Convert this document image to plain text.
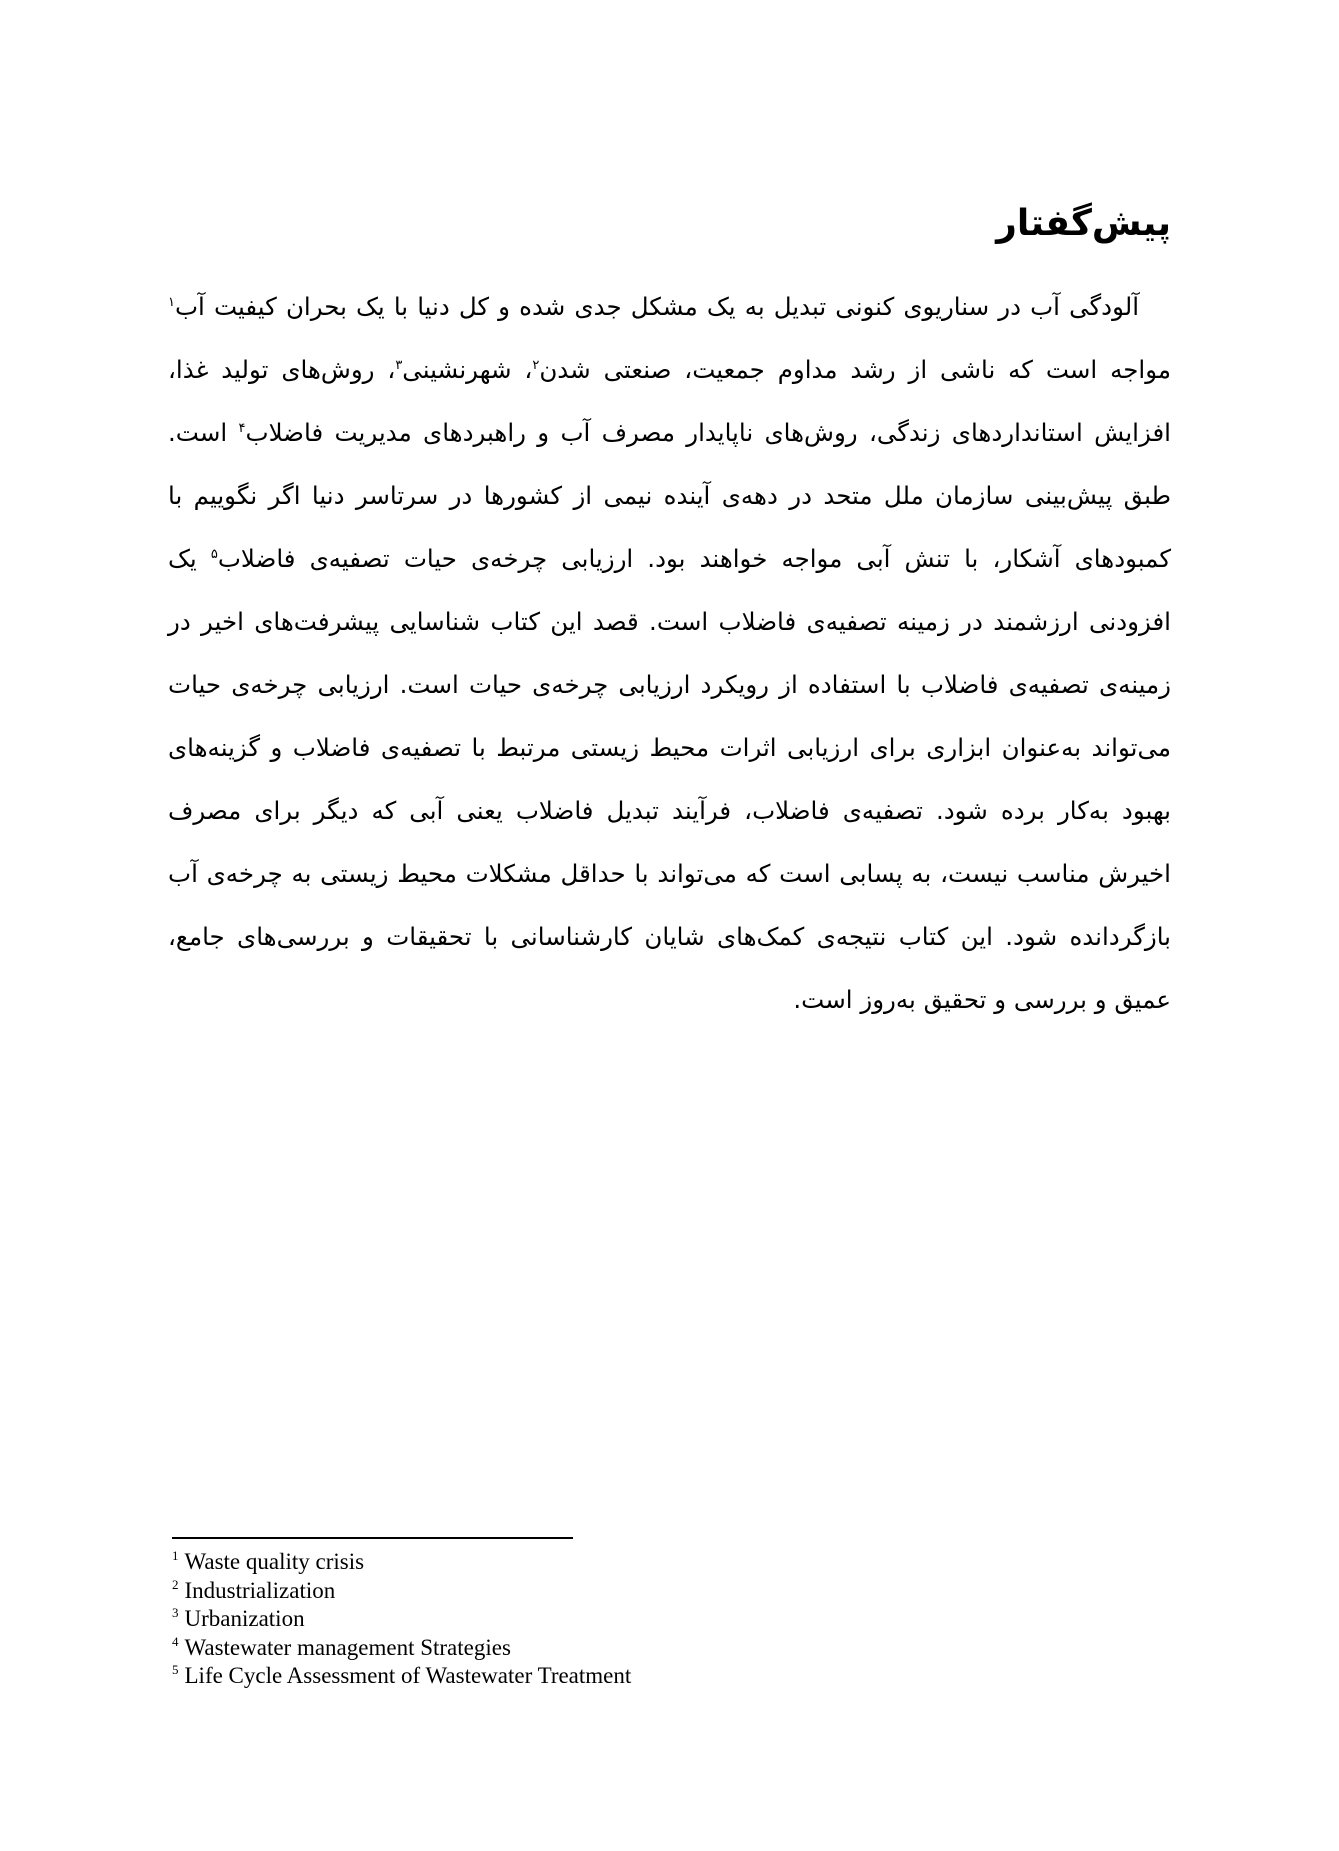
پیش‌گفتار

آلودگی آب در سناریوی کنونی تبدیل به یک مشکل جدی شده و کل دنیا با یک بحران کیفیت آب$^۱$ مواجه است که ناشی از رشد مداوم جمعیت، صنعتی شدن$^۲$، شهرنشینی$^۳$، روش‌های تولید غذا، افزایش استانداردهای زندگی، روش‌های ناپایدار مصرف آب و راهبردهای مدیریت فاضلاب$^۴$ است. طبق پیش‌بینی سازمان ملل متحد در دهه‌ی آینده نیمی از کشورها در سرتاسر دنیا اگر نگوییم با کمبودهای آشکار، با تنش آبی مواجه خواهند بود. ارزیابی چرخه‌ی حیات تصفیه‌ی فاضلاب$^۵$ یک افزودنی ارزشمند در زمینه تصفیه‌ی فاضلاب است. قصد این کتاب شناسایی پیشرفت‌های اخیر در زمینه‌ی تصفیه‌ی فاضلاب با استفاده از رویکرد ارزیابی چرخه‌ی حیات است. ارزیابی چرخه‌ی حیات می‌تواند به‌عنوان ابزاری برای ارزیابی اثرات محیط زیستی مرتبط با تصفیه‌ی فاضلاب و گزینه‌های بهبود به‌کار برده شود. تصفیه‌ی فاضلاب، فرآیند تبدیل فاضلاب یعنی آبی که دیگر برای مصرف اخیرش مناسب نیست، به پسابی است که می‌تواند با حداقل مشکلات محیط زیستی به چرخه‌ی آب بازگردانده شود. این کتاب نتیجه‌ی کمک‌های شایان کارشناسانی با تحقیقات و بررسی‌های جامع، عمیق و بررسی و تحقیق به‌روز است.

$^1$ Waste quality crisis
$^2$ Industrialization
$^3$ Urbanization
$^4$ Wastewater management Strategies
$^5$ Life Cycle Assessment of Wastewater Treatment
